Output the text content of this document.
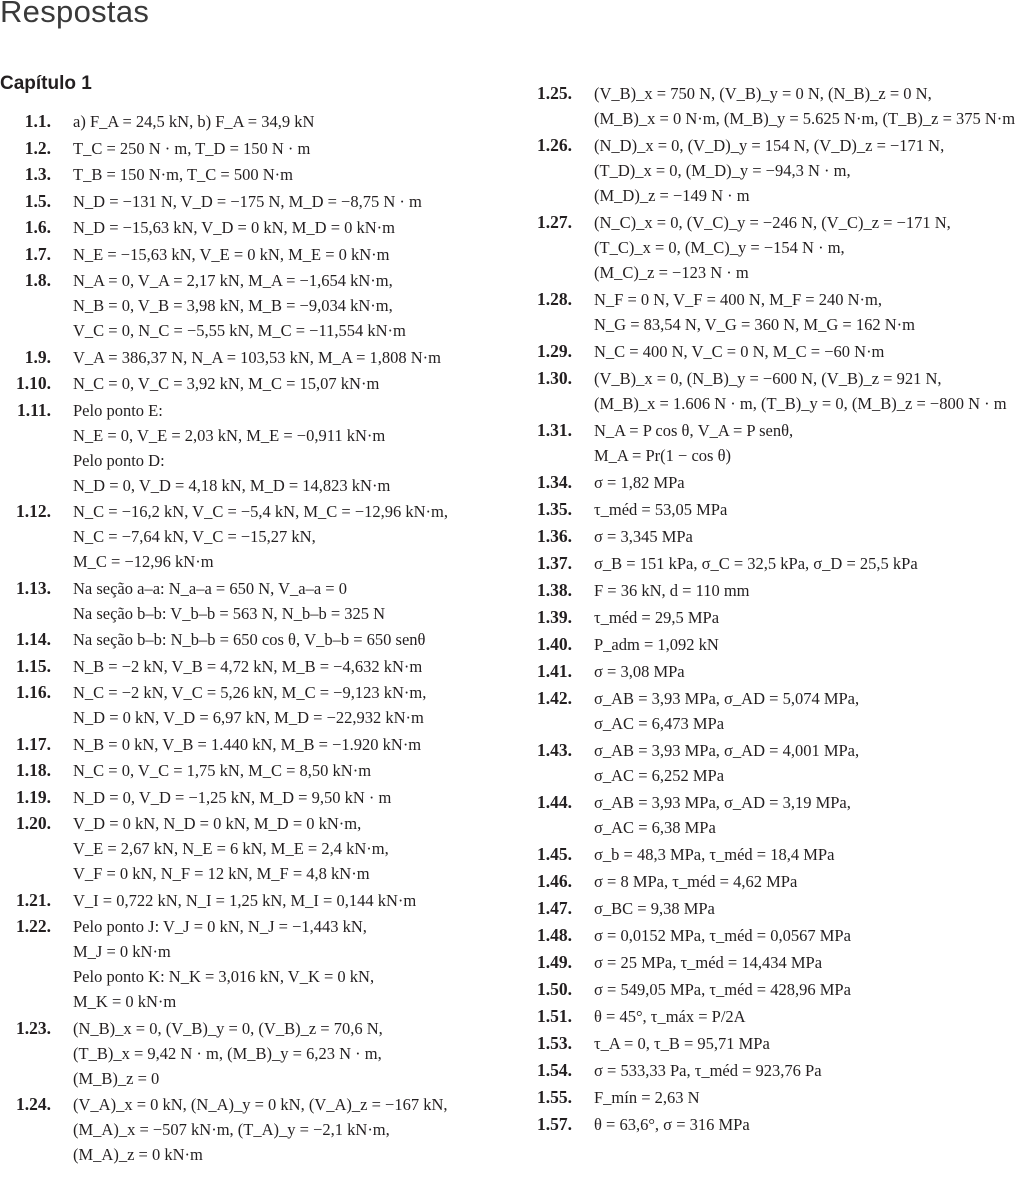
Respostas
Capítulo 1
1.1. a) F_A = 24,5 kN, b) F_A = 34,9 kN
1.2. T_C = 250 N · m, T_D = 150 N · m
1.3. T_B = 150 N·m, T_C = 500 N·m
1.5. N_D = −131 N, V_D = −175 N, M_D = −8,75 N · m
1.6. N_D = −15,63 kN, V_D = 0 kN, M_D = 0 kN·m
1.7. N_E = −15,63 kN, V_E = 0 kN, M_E = 0 kN·m
1.8. N_A = 0, V_A = 2,17 kN, M_A = −1,654 kN·m,
N_B = 0, V_B = 3,98 kN, M_B = −9,034 kN·m,
V_C = 0, N_C = −5,55 kN, M_C = −11,554 kN·m
1.9. V_A = 386,37 N, N_A = 103,53 kN, M_A = 1,808 N·m
1.10. N_C = 0, V_C = 3,92 kN, M_C = 15,07 kN·m
1.11. Pelo ponto E:
N_E = 0, V_E = 2,03 kN, M_E = −0,911 kN·m
Pelo ponto D:
N_D = 0, V_D = 4,18 kN, M_D = 14,823 kN·m
1.12. N_C = −16,2 kN, V_C = −5,4 kN, M_C = −12,96 kN·m,
N_C = −7,64 kN, V_C = −15,27 kN,
M_C = −12,96 kN·m
1.13. Na seção a–a: N_a–a = 650 N, V_a–a = 0
Na seção b–b: V_b–b = 563 N, N_b–b = 325 N
1.14. Na seção b–b: N_b–b = 650 cos θ, V_b–b = 650 senθ
1.15. N_B = −2 kN, V_B = 4,72 kN, M_B = −4,632 kN·m
1.16. N_C = −2 kN, V_C = 5,26 kN, M_C = −9,123 kN·m,
N_D = 0 kN, V_D = 6,97 kN, M_D = −22,932 kN·m
1.17. N_B = 0 kN, V_B = 1.440 kN, M_B = −1.920 kN·m
1.18. N_C = 0, V_C = 1,75 kN, M_C = 8,50 kN·m
1.19. N_D = 0, V_D = −1,25 kN, M_D = 9,50 kN · m
1.20. V_D = 0 kN, N_D = 0 kN, M_D = 0 kN·m,
V_E = 2,67 kN, N_E = 6 kN, M_E = 2,4 kN·m,
V_F = 0 kN, N_F = 12 kN, M_F = 4,8 kN·m
1.21. V_I = 0,722 kN, N_I = 1,25 kN, M_I = 0,144 kN·m
1.22. Pelo ponto J: V_J = 0 kN, N_J = −1,443 kN,
M_J = 0 kN·m
Pelo ponto K: N_K = 3,016 kN, V_K = 0 kN,
M_K = 0 kN·m
1.23. (N_B)_x = 0, (V_B)_y = 0, (V_B)_z = 70,6 N,
(T_B)_x = 9,42 N · m, (M_B)_y = 6,23 N · m,
(M_B)_z = 0
1.24. (V_A)_x = 0 kN, (N_A)_y = 0 kN, (V_A)_z = −167 kN,
(M_A)_x = −507 kN·m, (T_A)_y = −2,1 kN·m,
(M_A)_z = 0 kN·m
1.25. (V_B)_x = 750 N, (V_B)_y = 0 N, (N_B)_z = 0 N,
(M_B)_x = 0 N·m, (M_B)_y = 5.625 N·m, (T_B)_z = 375 N·m
1.26. (N_D)_x = 0, (V_D)_y = 154 N, (V_D)_z = −171 N,
(T_D)_x = 0, (M_D)_y = −94,3 N · m,
(M_D)_z = −149 N · m
1.27. (N_C)_x = 0, (V_C)_y = −246 N, (V_C)_z = −171 N,
(T_C)_x = 0, (M_C)_y = −154 N · m,
(M_C)_z = −123 N · m
1.28. N_F = 0 N, V_F = 400 N, M_F = 240 N·m,
N_G = 83,54 N, V_G = 360 N, M_G = 162 N·m
1.29. N_C = 400 N, V_C = 0 N, M_C = −60 N·m
1.30. (V_B)_x = 0, (N_B)_y = −600 N, (V_B)_z = 921 N,
(M_B)_x = 1.606 N · m, (T_B)_y = 0, (M_B)_z = −800 N · m
1.31. N_A = P cos θ, V_A = P senθ,
M_A = Pr(1 − cos θ)
1.34. σ = 1,82 MPa
1.35. τ_méd = 53,05 MPa
1.36. σ = 3,345 MPa
1.37. σ_B = 151 kPa, σ_C = 32,5 kPa, σ_D = 25,5 kPa
1.38. F = 36 kN, d = 110 mm
1.39. τ_méd = 29,5 MPa
1.40. P_adm = 1,092 kN
1.41. σ = 3,08 MPa
1.42. σ_AB = 3,93 MPa, σ_AD = 5,074 MPa,
σ_AC = 6,473 MPa
1.43. σ_AB = 3,93 MPa, σ_AD = 4,001 MPa,
σ_AC = 6,252 MPa
1.44. σ_AB = 3,93 MPa, σ_AD = 3,19 MPa,
σ_AC = 6,38 MPa
1.45. σ_b = 48,3 MPa, τ_méd = 18,4 MPa
1.46. σ = 8 MPa, τ_méd = 4,62 MPa
1.47. σ_BC = 9,38 MPa
1.48. σ = 0,0152 MPa, τ_méd = 0,0567 MPa
1.49. σ = 25 MPa, τ_méd = 14,434 MPa
1.50. σ = 549,05 MPa, τ_méd = 428,96 MPa
1.51. θ = 45°, τ_máx = P/2A
1.53. τ_A = 0, τ_B = 95,71 MPa
1.54. σ = 533,33 Pa, τ_méd = 923,76 Pa
1.55. F_mín = 2,63 N
1.57. θ = 63,6°, σ = 316 MPa
